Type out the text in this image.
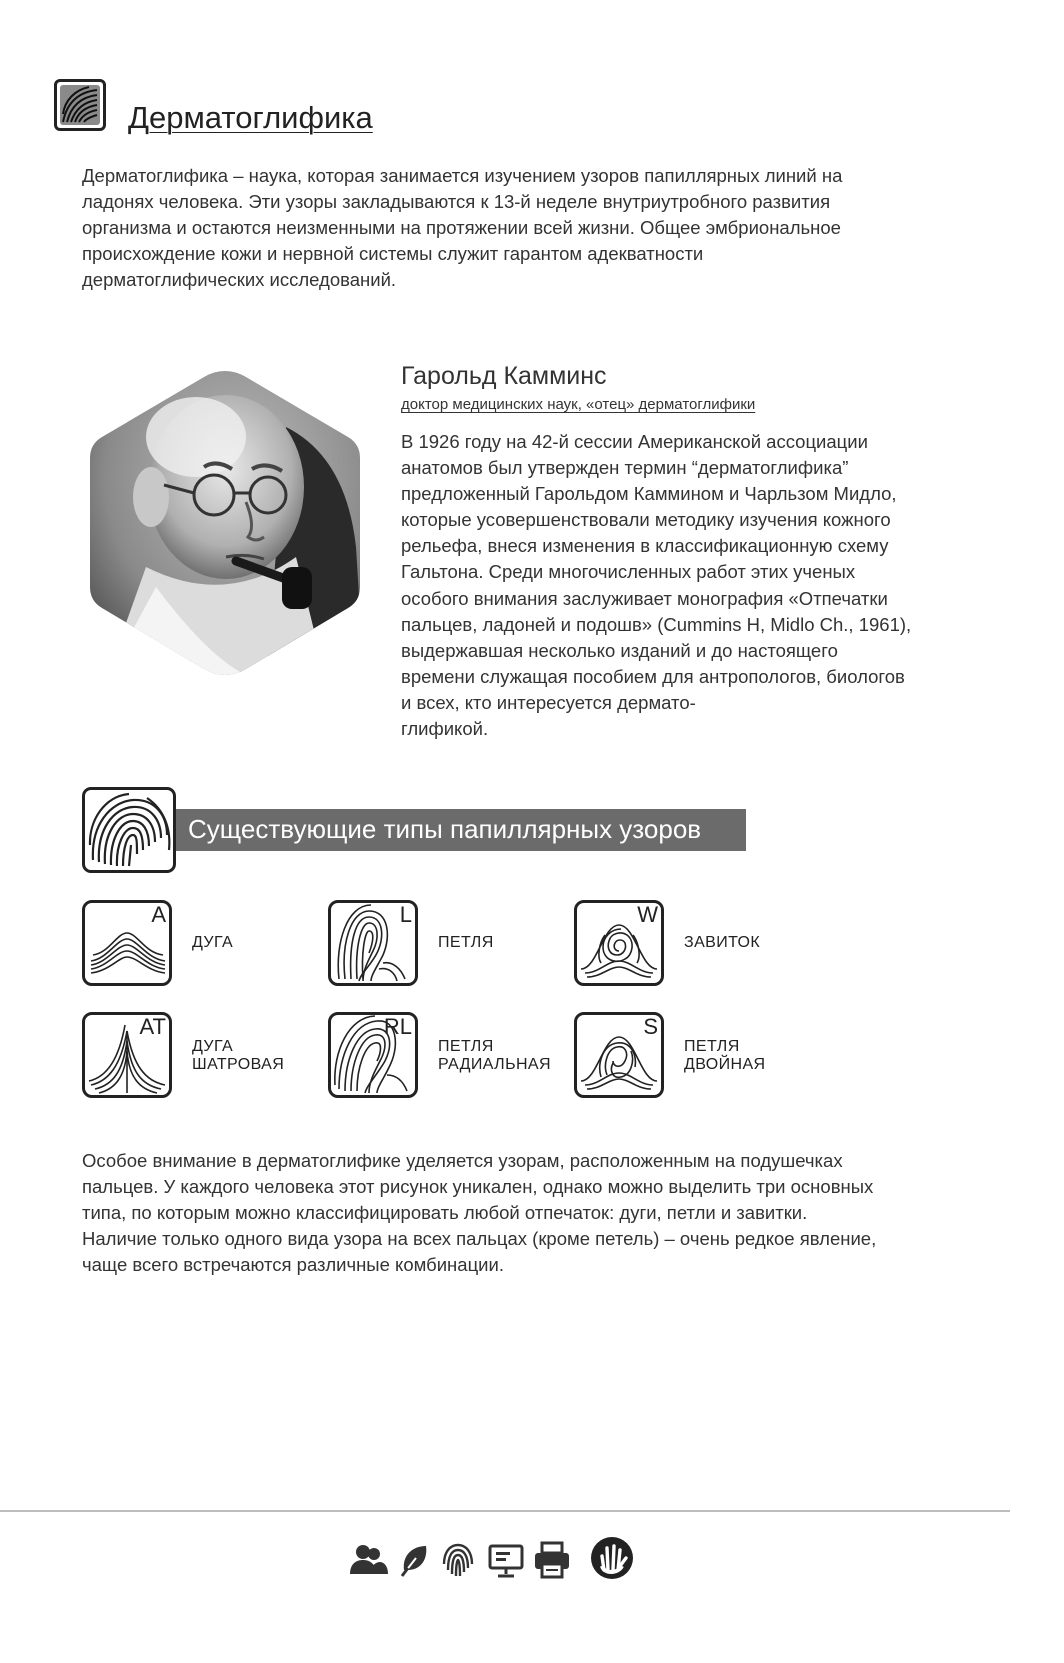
Дерматоглифика

Дерматоглифика – наука, которая занимается изучением узоров папиллярных линий на
ладонях человека. Эти узоры закладываются к 13-й неделе внутриутробного развития
организма и остаются неизменными на протяжении всей жизни. Общее эмбриональное
происхождение кожи и нервной системы служит гарантом адекватности
дерматоглифических исследований.

Гарольд Камминс
доктор медицинских наук, «отец» дерматоглифики

В 1926 году на 42-й сессии Американской ассоциации
анатомов был утвержден термин “дерматоглифика”
предложенный Гарольдом Каммином и Чарльзом Мидло,
которые усовершенствовали методику изучения кожного
рельефа, внеся изменения в классификационную схему
Гальтона. Среди многочисленных работ этих ученых
особого внимания заслуживает монография «Отпечатки
пальцев, ладоней и подошв» (Cummins H, Midlo Ch., 1961),
выдержавшая несколько изданий и до настоящего
времени служащая пособием для антропологов, биологов
и всех, кто интересуется дермато-
глификой.

Существующие типы папиллярных узоров
A
ДУГА
L
ПЕТЛЯ
W
ЗАВИТОК
AT
ДУГА
ШАТРОВАЯ
RL
ПЕТЛЯ
РАДИАЛЬНАЯ
S
ПЕТЛЯ
ДВОЙНАЯ

Особое внимание в дерматоглифике уделяется узорам, расположенным на подушечках
пальцев. У каждого человека этот рисунок уникален, однако можно выделить три основных
типа, по которым можно классифицировать любой отпечаток: дуги, петли и завитки.
Наличие только одного вида узора на всех пальцах (кроме петель) – очень редкое явление,
чаще всего встречаются различные комбинации.
